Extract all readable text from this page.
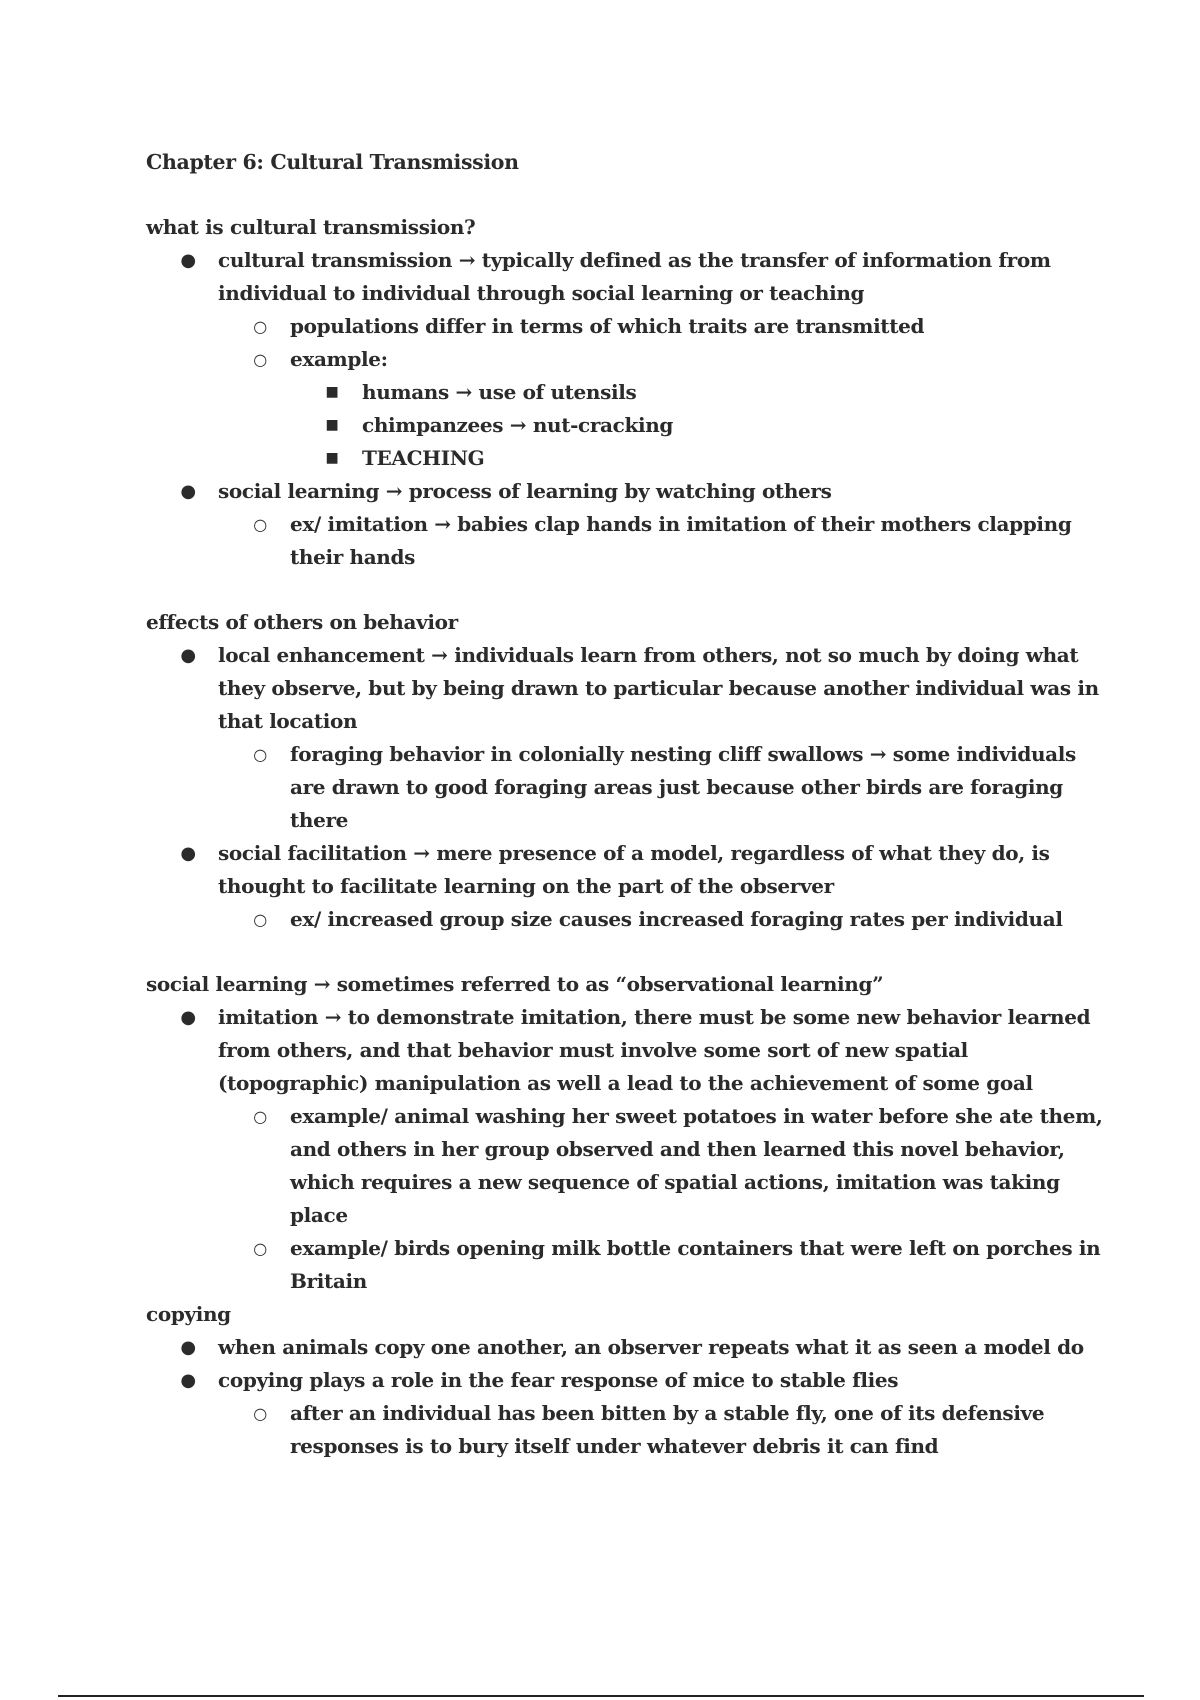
Chapter 6: Cultural Transmission
what is cultural transmission?
● cultural transmission → typically defined as the transfer of information from individual to individual through social learning or teaching
○ populations differ in terms of which traits are transmitted
○ example:
■ humans → use of utensils
■ chimpanzees → nut-cracking
■ TEACHING
● social learning → process of learning by watching others
○ ex/ imitation → babies clap hands in imitation of their mothers clapping their hands
effects of others on behavior
● local enhancement → individuals learn from others, not so much by doing what they observe, but by being drawn to particular because another individual was in that location
○ foraging behavior in colonially nesting cliff swallows → some individuals are drawn to good foraging areas just because other birds are foraging there
● social facilitation → mere presence of a model, regardless of what they do, is thought to facilitate learning on the part of the observer
○ ex/ increased group size causes increased foraging rates per individual
social learning → sometimes referred to as “observational learning”
● imitation → to demonstrate imitation, there must be some new behavior learned from others, and that behavior must involve some sort of new spatial (topographic) manipulation as well a lead to the achievement of some goal
○ example/ animal washing her sweet potatoes in water before she ate them, and others in her group observed and then learned this novel behavior, which requires a new sequence of spatial actions, imitation was taking place
○ example/ birds opening milk bottle containers that were left on porches in Britain
copying
● when animals copy one another, an observer repeats what it as seen a model do
● copying plays a role in the fear response of mice to stable flies
○ after an individual has been bitten by a stable fly, one of its defensive responses is to bury itself under whatever debris it can find
